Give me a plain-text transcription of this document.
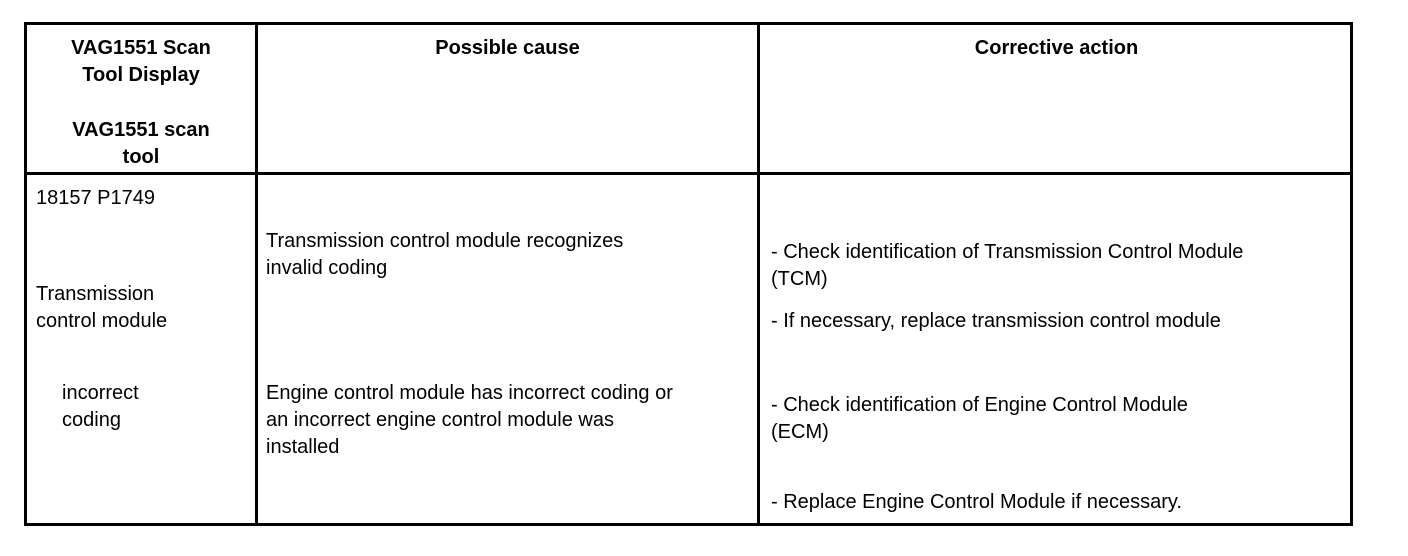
VAG1551 Scan
Tool Display
VAG1551 scan
tool
Possible cause	Corrective action
18157 P1749
Transmission
control module
incorrect
coding
Transmission control module recognizes
invalid coding
Engine control module has incorrect coding or
an incorrect engine control module was
installed
- Check identification of Transmission Control Module
(TCM)
- If necessary, replace transmission control module
- Check identification of Engine Control Module
(ECM)
- Replace Engine Control Module if necessary.
